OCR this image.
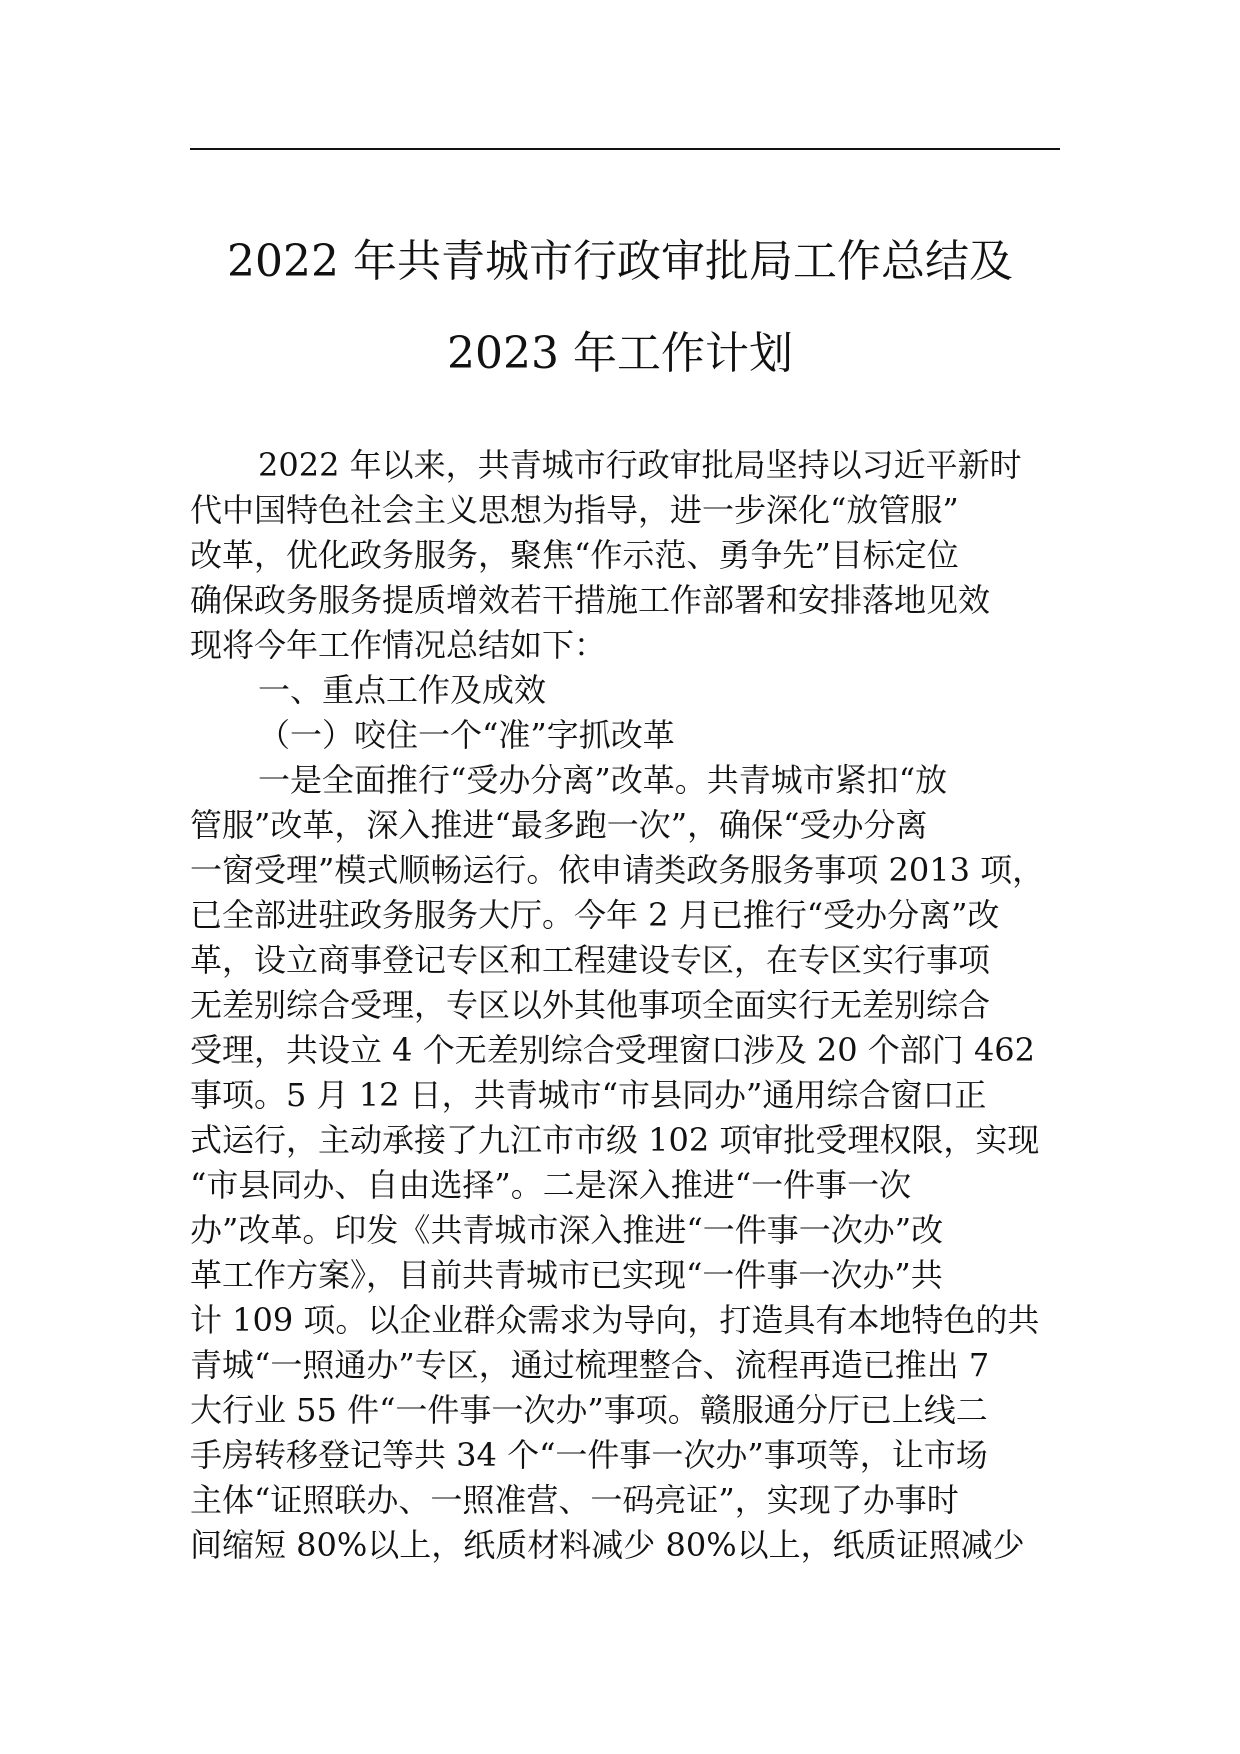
2022 年共青城市行政审批局工作总结及
2023 年工作计划
2022 年以来，共青城市行政审批局坚持以习近平新时
代中国特色社会主义思想为指导，进一步深化“放管服”
改革，优化政务服务，聚焦“作示范、勇争先”目标定位
确保政务服务提质增效若干措施工作部署和安排落地见效
现将今年工作情况总结如下：
一、重点工作及成效
（一）咬住一个“准”字抓改革
一是全面推行“受办分离”改革。共青城市紧扣“放
管服”改革，深入推进“最多跑一次”，确保“受办分离
一窗受理”模式顺畅运行。依申请类政务服务事项 2013 项，
已全部进驻政务服务大厅。今年 2 月已推行“受办分离”改
革，设立商事登记专区和工程建设专区，在专区实行事项
无差别综合受理，专区以外其他事项全面实行无差别综合
受理，共设立 4 个无差别综合受理窗口涉及 20 个部门 462
事项。5 月 12 日，共青城市“市县同办”通用综合窗口正
式运行，主动承接了九江市市级 102 项审批受理权限，实现
“市县同办、自由选择”。二是深入推进“一件事一次
办”改革。印发《共青城市深入推进“一件事一次办”改
革工作方案》，目前共青城市已实现“一件事一次办”共
计 109 项。以企业群众需求为导向，打造具有本地特色的共
青城“一照通办”专区，通过梳理整合、流程再造已推出 7
大行业 55 件“一件事一次办”事项。赣服通分厅已上线二
手房转移登记等共 34 个“一件事一次办”事项等，让市场
主体“证照联办、一照准营、一码亮证”，实现了办事时
间缩短 80%以上，纸质材料减少 80%以上，纸质证照减少
